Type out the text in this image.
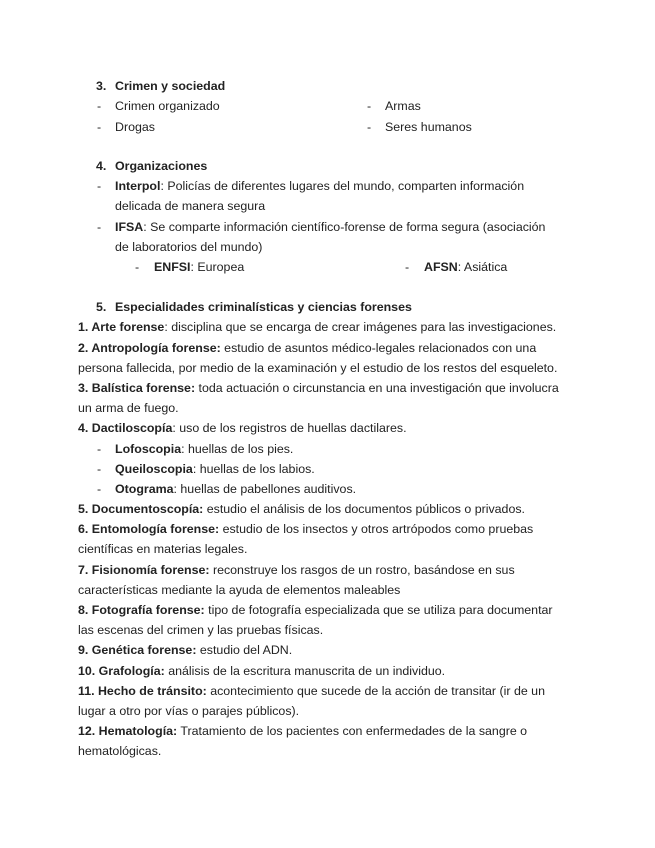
3. Crimen y sociedad
- Crimen organizado	- Armas
- Drogas	- Seres humanos
4. Organizaciones
- Interpol: Policías de diferentes lugares del mundo, comparten información
delicada de manera segura
- IFSA: Se comparte información científico-forense de forma segura (asociación
de laboratorios del mundo)
- ENFSI: Europea	- AFSN: Asiática
5. Especialidades criminalísticas y ciencias forenses
1. Arte forense: disciplina que se encarga de crear imágenes para las investigaciones.
2. Antropología forense: estudio de asuntos médico-legales relacionados con una
persona fallecida, por medio de la examinación y el estudio de los restos del esqueleto.
3. Balística forense: toda actuación o circunstancia en una investigación que involucra
un arma de fuego.
4. Dactiloscopía: uso de los registros de huellas dactilares.
- Lofoscopia: huellas de los pies.
- Queiloscopia: huellas de los labios.
- Otograma: huellas de pabellones auditivos.
5. Documentoscopía: estudio el análisis de los documentos públicos o privados.
6. Entomología forense: estudio de los insectos y otros artrópodos como pruebas
científicas en materias legales.
7. Fisionomía forense: reconstruye los rasgos de un rostro, basándose en sus
características mediante la ayuda de elementos maleables
8. Fotografía forense: tipo de fotografía especializada que se utiliza para documentar
las escenas del crimen y las pruebas físicas.
9. Genética forense: estudio del ADN.
10. Grafología: análisis de la escritura manuscrita de un individuo.
11. Hecho de tránsito: acontecimiento que sucede de la acción de transitar (ir de un
lugar a otro por vías o parajes públicos).
12. Hematología: Tratamiento de los pacientes con enfermedades de la sangre o
hematológicas.
